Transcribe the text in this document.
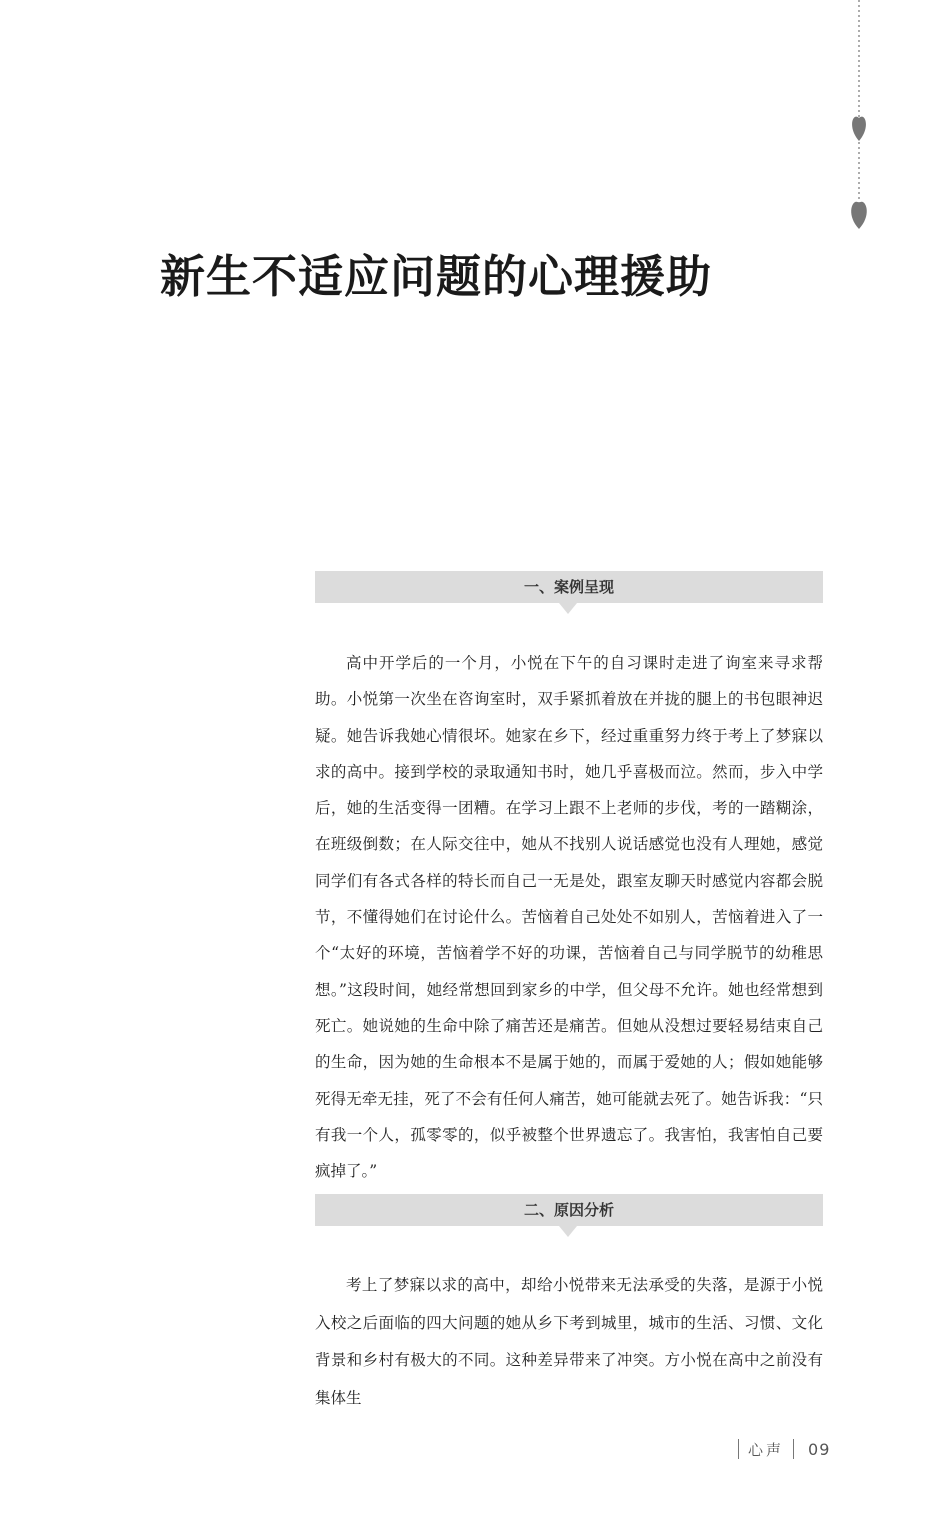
新生不适应问题的心理援助
一、案例呈现

高中开学后的一个月，小悦在下午的自习课时走进了询室来寻求帮助。小悦第一次坐在咨询室时，双手紧抓着放在并拢的腿上的书包眼神迟疑。她告诉我她心情很坏。她家在乡下，经过重重努力终于考上了梦寐以求的高中。接到学校的录取通知书时，她几乎喜极而泣。然而，步入中学后，她的生活变得一团糟。在学习上跟不上老师的步伐，考的一踏糊涂，在班级倒数；在人际交往中，她从不找别人说话感觉也没有人理她，感觉同学们有各式各样的特长而自己一无是处，跟室友聊天时感觉内容都会脱节，不懂得她们在讨论什么。苦恼着自己处处不如别人，苦恼着进入了一个“太好的环境，苦恼着学不好的功课，苦恼着自己与同学脱节的幼稚思想。”这段时间，她经常想回到家乡的中学，但父母不允许。她也经常想到死亡。她说她的生命中除了痛苦还是痛苦。但她从没想过要轻易结束自己的生命，因为她的生命根本不是属于她的，而属于爱她的人；假如她能够死得无牵无挂，死了不会有任何人痛苦，她可能就去死了。她告诉我：“只有我一个人，孤零零的，似乎被整个世界遗忘了。我害怕，我害怕自己要疯掉了。”

二、原因分析

考上了梦寐以求的高中，却给小悦带来无法承受的失落，是源于小悦入校之后面临的四大问题的她从乡下考到城里，城市的生活、习惯、文化背景和乡村有极大的不同。这种差异带来了冲突。方小悦在高中之前没有集体生

心声 09
